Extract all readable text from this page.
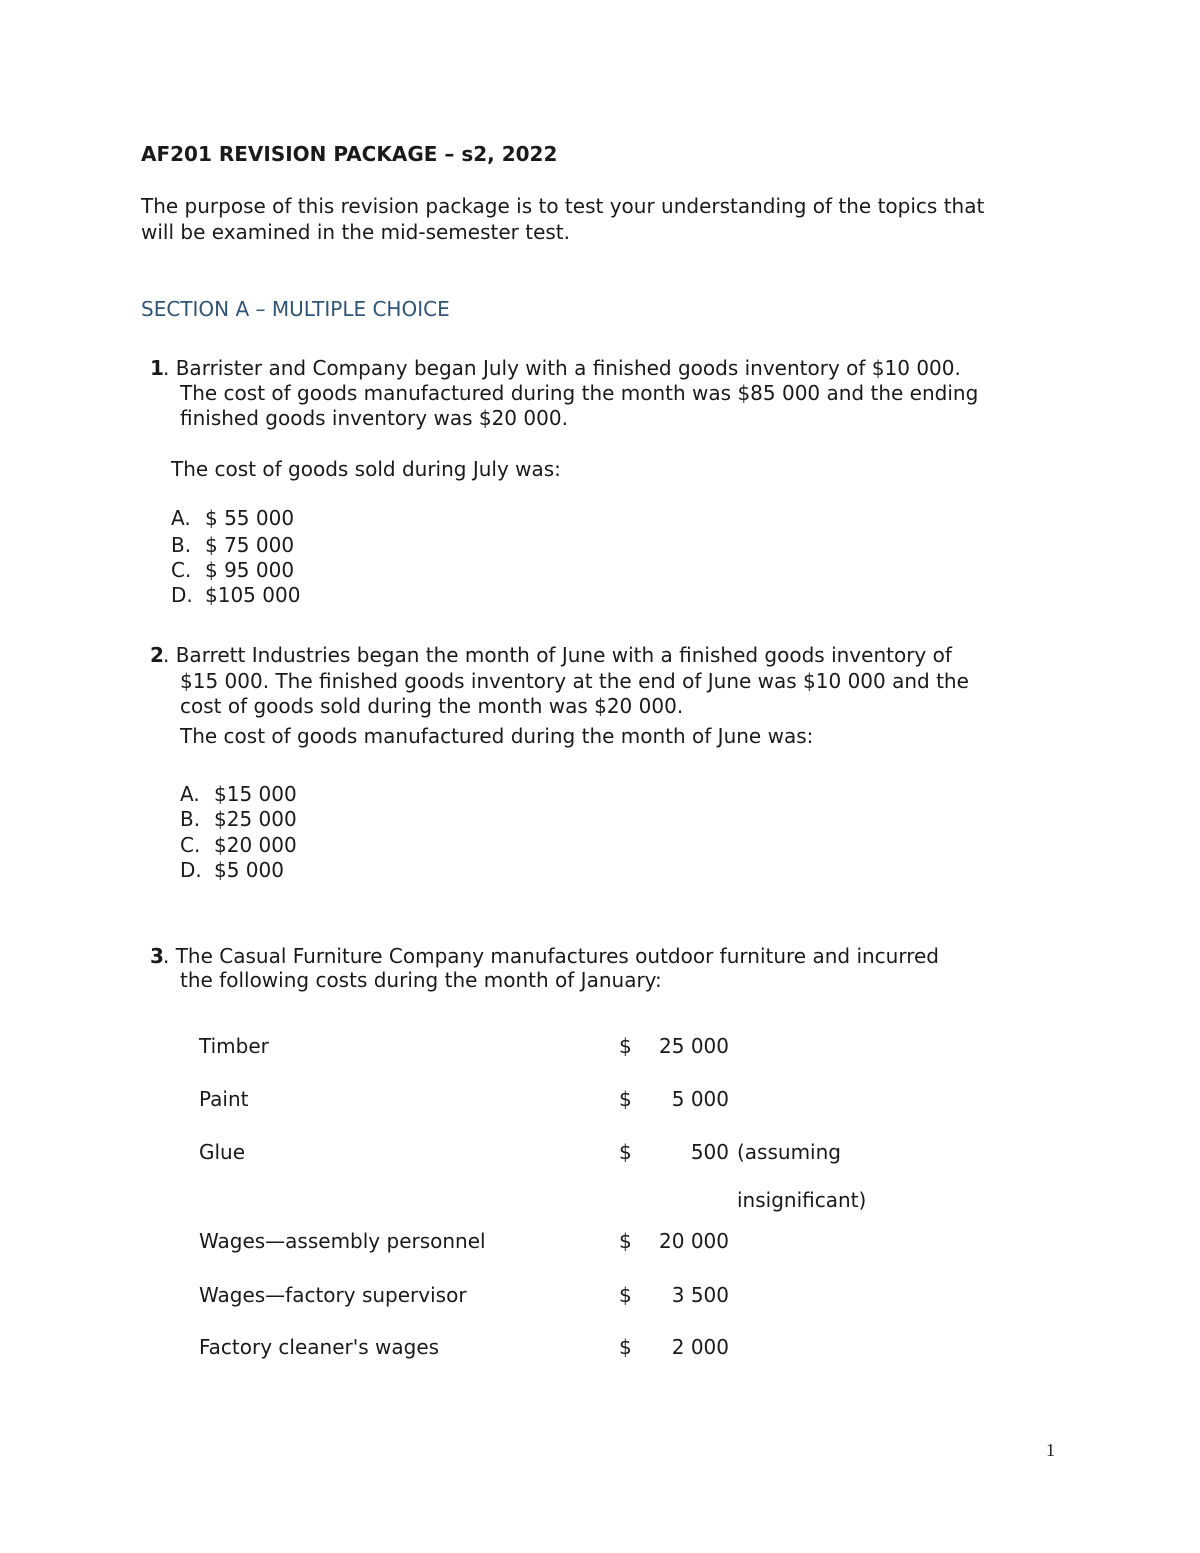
AF201 REVISION PACKAGE – s2, 2022
The purpose of this revision package is to test your understanding of the topics that
will be examined in the mid-semester test.
SECTION A – MULTIPLE CHOICE
1 . Barrister and Company began July with a finished goods inventory of $10 000.
The cost of goods manufactured during the month was $85 000 and the ending
finished goods inventory was $20 000.
The cost of goods sold during July was:
A. $ 55 000
B. $ 75 000
C. $ 95 000
D. $105 000
2 . Barrett Industries began the month of June with a finished goods inventory of
$15 000. The finished goods inventory at the end of June was $10 000 and the
cost of goods sold during the month was $20 000.
The cost of goods manufactured during the month of June was:
A. $15 000
B. $25 000
C. $20 000
D. $5 000
3 . The Casual Furniture Company manufactures outdoor furniture and incurred
the following costs during the month of January:
Timber	$	25 000
Paint	$	5 000
Glue	$	500 (assuming insignificant)
Wages—assembly personnel	$	20 000
Wages—factory supervisor	$	3 500
Factory cleaner's wages	$	2 000
1
